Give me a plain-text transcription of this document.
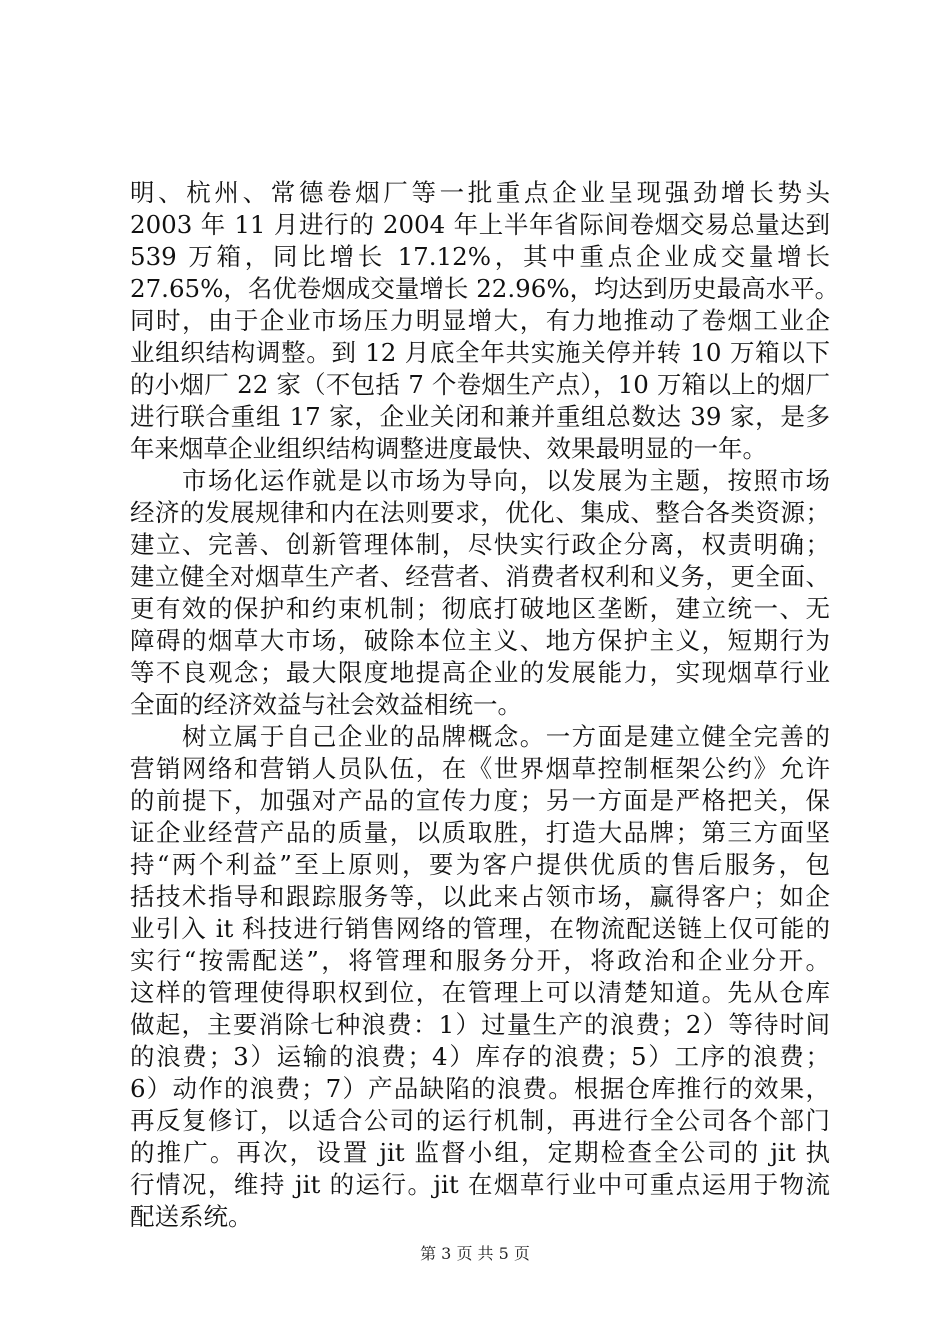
明、杭州、常德卷烟厂等一批重点企业呈现强劲增长势头
2003 年 11 月进行的 2004 年上半年省际间卷烟交易总量达到
539 万箱，同比增长 17.12%，其中重点企业成交量增长
27.65%，名优卷烟成交量增长 22.96%，均达到历史最高水平。
同时，由于企业市场压力明显增大，有力地推动了卷烟工业企
业组织结构调整。到 12 月底全年共实施关停并转 10 万箱以下
的小烟厂 22 家（不包括 7 个卷烟生产点），10 万箱以上的烟厂
进行联合重组 17 家，企业关闭和兼并重组总数达 39 家，是多
年来烟草企业组织结构调整进度最快、效果最明显的一年。
　　市场化运作就是以市场为导向，以发展为主题，按照市场
经济的发展规律和内在法则要求，优化、集成、整合各类资源；
建立、完善、创新管理体制，尽快实行政企分离，权责明确；
建立健全对烟草生产者、经营者、消费者权利和义务，更全面、
更有效的保护和约束机制；彻底打破地区垄断，建立统一、无
障碍的烟草大市场，破除本位主义、地方保护主义，短期行为
等不良观念；最大限度地提高企业的发展能力，实现烟草行业
全面的经济效益与社会效益相统一。
　　树立属于自己企业的品牌概念。一方面是建立健全完善的
营销网络和营销人员队伍，在《世界烟草控制框架公约》允许
的前提下，加强对产品的宣传力度；另一方面是严格把关，保
证企业经营产品的质量，以质取胜，打造大品牌；第三方面坚
持“两个利益”至上原则，要为客户提供优质的售后服务，包
括技术指导和跟踪服务等，以此来占领市场，赢得客户；如企
业引入 it 科技进行销售网络的管理，在物流配送链上仅可能的
实行“按需配送”，将管理和服务分开，将政治和企业分开。
这样的管理使得职权到位，在管理上可以清楚知道。先从仓库
做起，主要消除七种浪费：1）过量生产的浪费；2）等待时间
的浪费；3）运输的浪费；4）库存的浪费；5）工序的浪费；
6）动作的浪费；7）产品缺陷的浪费。根据仓库推行的效果，
再反复修订，以适合公司的运行机制，再进行全公司各个部门
的推广。再次，设置 jit 监督小组，定期检查全公司的 jit 执
行情况，维持 jit 的运行。jit 在烟草行业中可重点运用于物流
配送系统。
第 3 页 共 5 页
